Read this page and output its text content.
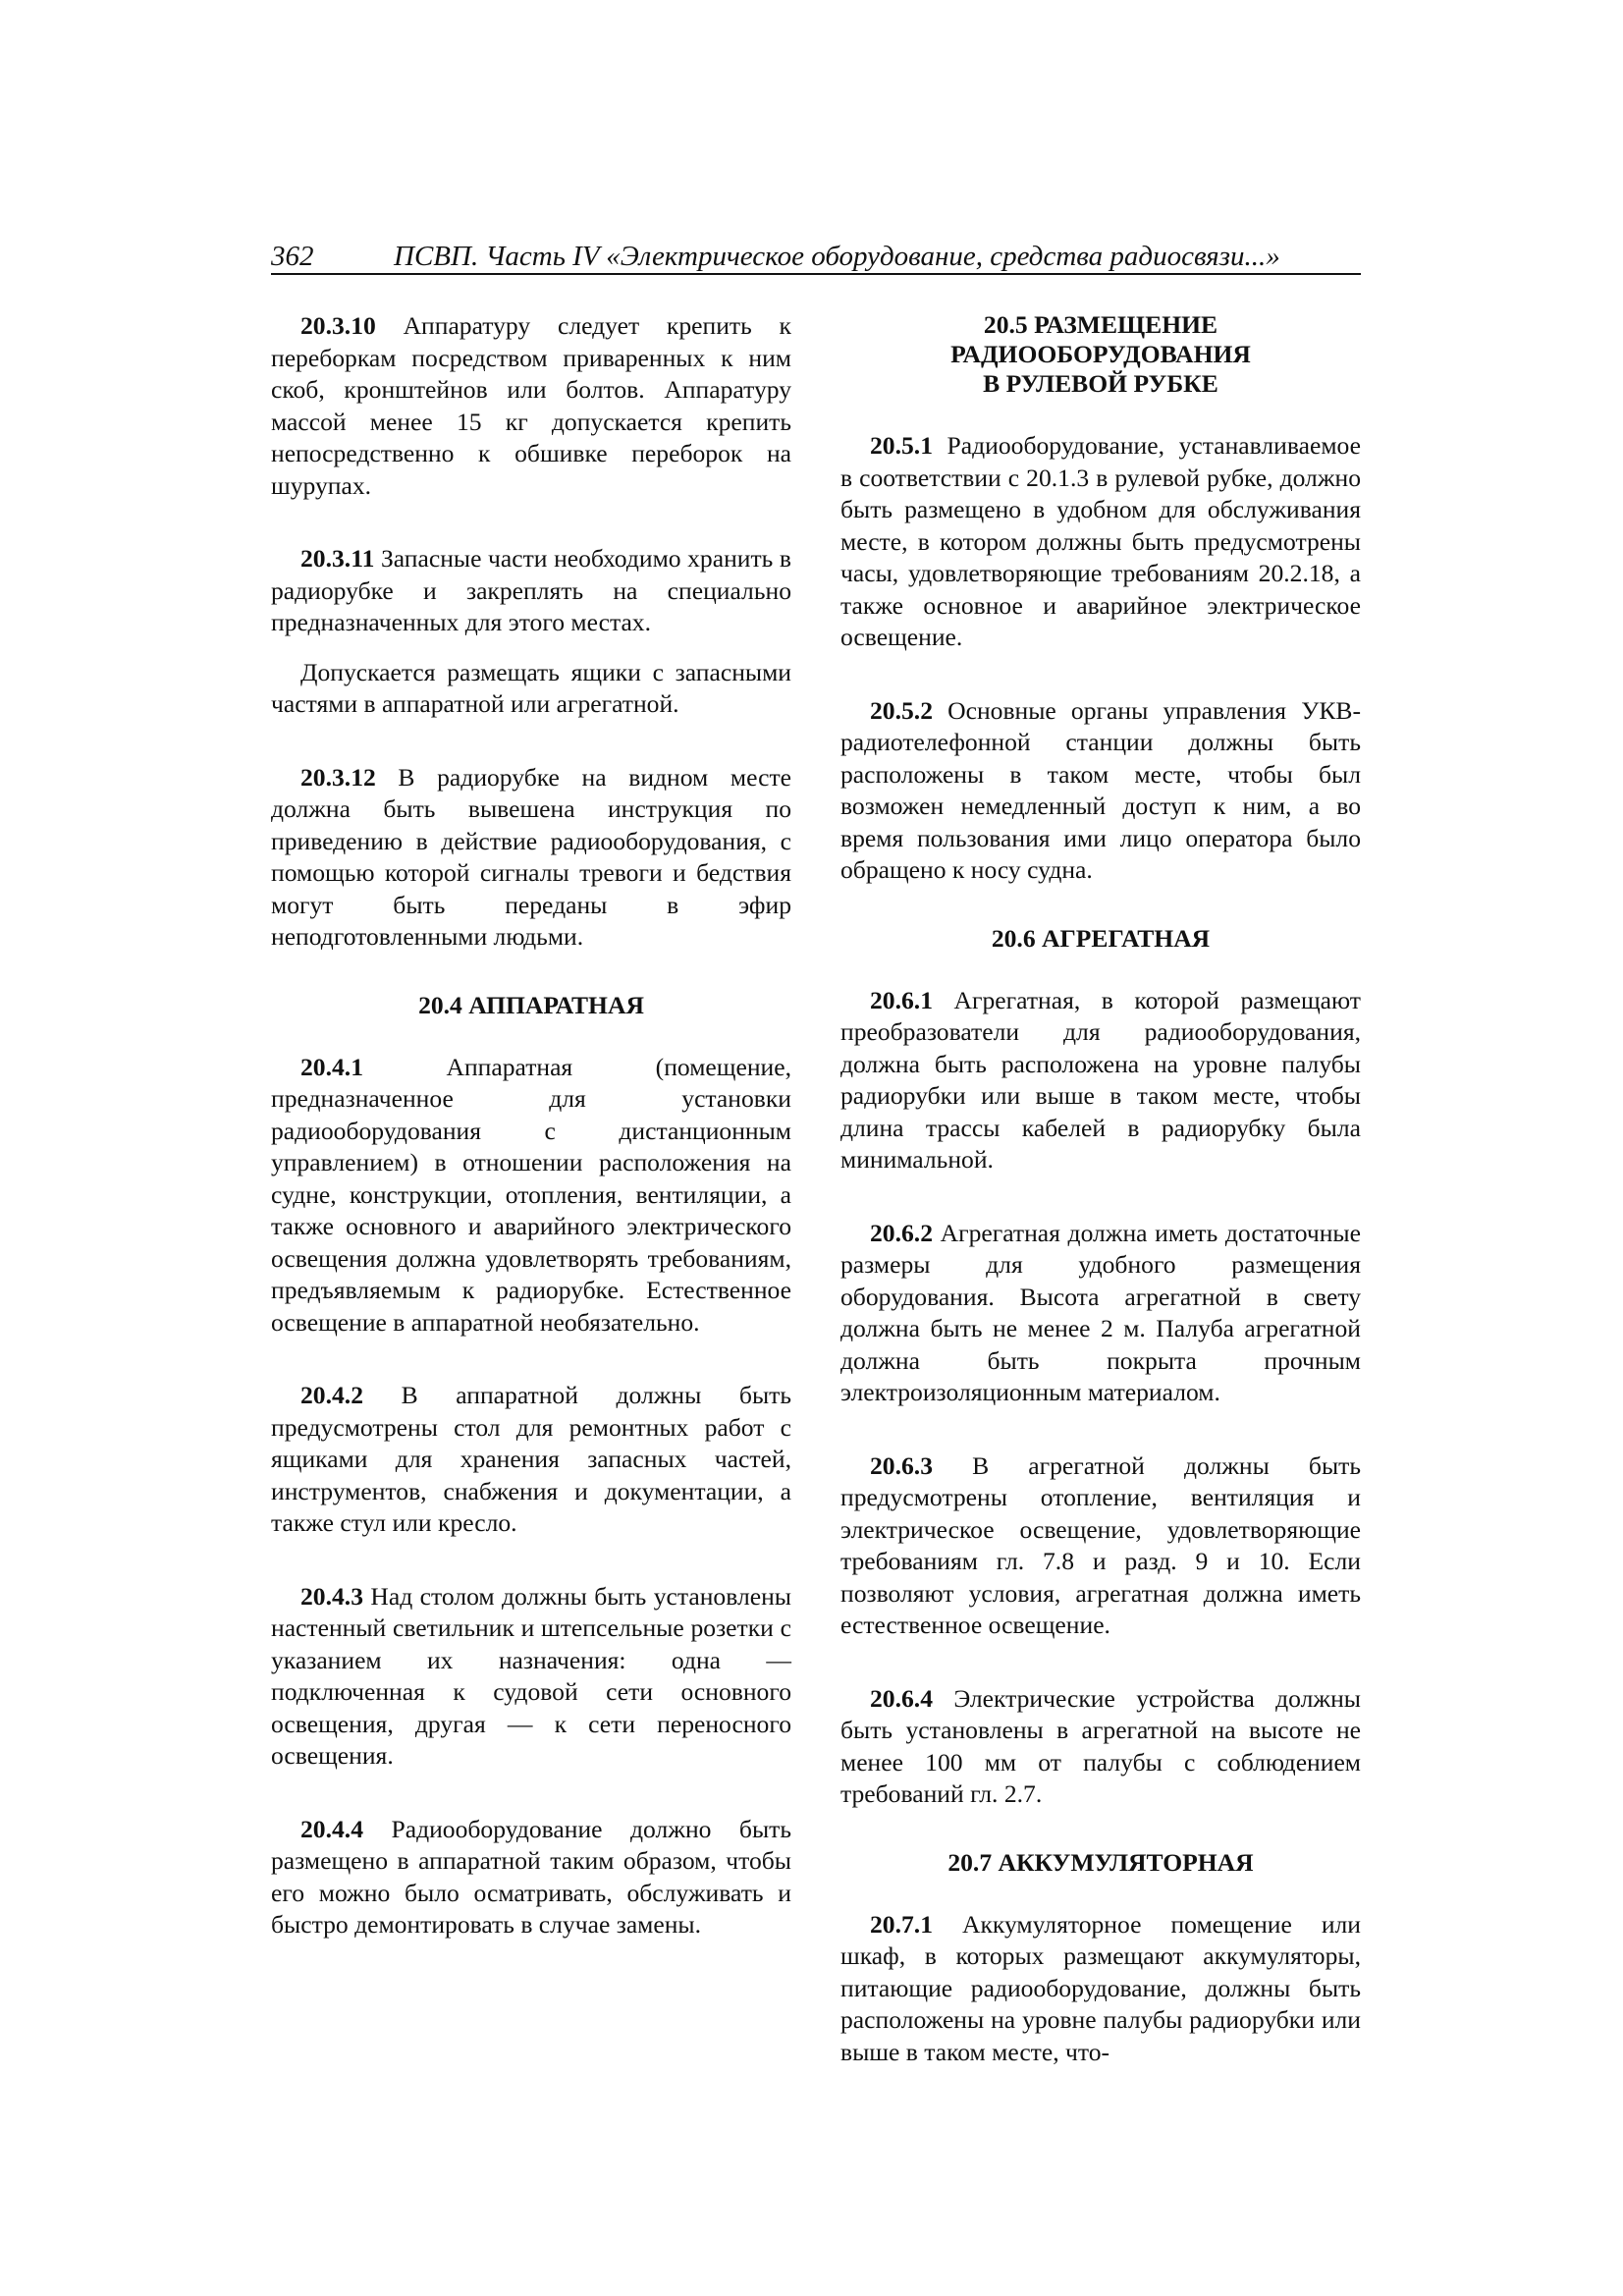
362	ПСВП. Часть IV «Электрическое оборудование, средства радиосвязи...»

20.3.10 Аппаратуру следует крепить к переборкам посредством приваренных к ним скоб, кронштейнов или болтов. Аппаратуру массой менее 15 кг допускается крепить непосредственно к обшивке переборок на шурупах.

20.3.11 Запасные части необходимо хранить в радиорубке и закреплять на специально предназначенных для этого местах.

Допускается размещать ящики с запасными частями в аппаратной или агрегатной.

20.3.12 В радиорубке на видном месте должна быть вывешена инструкция по приведению в действие радиооборудования, с помощью которой сигналы тревоги и бедствия могут быть переданы в эфир неподготовленными людьми.

20.4 АППАРАТНАЯ

20.4.1 Аппаратная (помещение, предназначенное для установки радиооборудования с дистанционным управлением) в отношении расположения на судне, конструкции, отопления, вентиляции, а также основного и аварийного электрического освещения должна удовлетворять требованиям, предъявляемым к радиорубке. Естественное освещение в аппаратной необязательно.

20.4.2 В аппаратной должны быть предусмотрены стол для ремонтных работ с ящиками для хранения запасных частей, инструментов, снабжения и документации, а также стул или кресло.

20.4.3 Над столом должны быть установлены настенный светильник и штепсельные розетки с указанием их назначения: одна — подключенная к судовой сети основного освещения, другая — к сети переносного освещения.

20.4.4 Радиооборудование должно быть размещено в аппаратной таким образом, чтобы его можно было осматривать, обслуживать и быстро демонтировать в случае замены.

20.5 РАЗМЕЩЕНИЕ
РАДИООБОРУДОВАНИЯ
В РУЛЕВОЙ РУБКЕ

20.5.1 Радиооборудование, устанавливаемое в соответствии с 20.1.3 в рулевой рубке, должно быть размещено в удобном для обслуживания месте, в котором должны быть предусмотрены часы, удовлетворяющие требованиям 20.2.18, а также основное и аварийное электрическое освещение.

20.5.2 Основные органы управления УКВ-радиотелефонной станции должны быть расположены в таком месте, чтобы был возможен немедленный доступ к ним, а во время пользования ими лицо оператора было обращено к носу судна.

20.6 АГРЕГАТНАЯ

20.6.1 Агрегатная, в которой размещают преобразователи для радиооборудования, должна быть расположена на уровне палубы радиорубки или выше в таком месте, чтобы длина трассы кабелей в радиорубку была минимальной.

20.6.2 Агрегатная должна иметь достаточные размеры для удобного размещения оборудования. Высота агрегатной в свету должна быть не менее 2 м. Палуба агрегатной должна быть покрыта прочным электроизоляционным материалом.

20.6.3 В агрегатной должны быть предусмотрены отопление, вентиляция и электрическое освещение, удовлетворяющие требованиям гл. 7.8 и разд. 9 и 10. Если позволяют условия, агрегатная должна иметь естественное освещение.

20.6.4 Электрические устройства должны быть установлены в агрегатной на высоте не менее 100 мм от палубы с соблюдением требований гл. 2.7.

20.7 АККУМУЛЯТОРНАЯ

20.7.1 Аккумуляторное помещение или шкаф, в которых размещают аккумуляторы, питающие радиооборудование, должны быть расположены на уровне палубы радиорубки или выше в таком месте, что-
